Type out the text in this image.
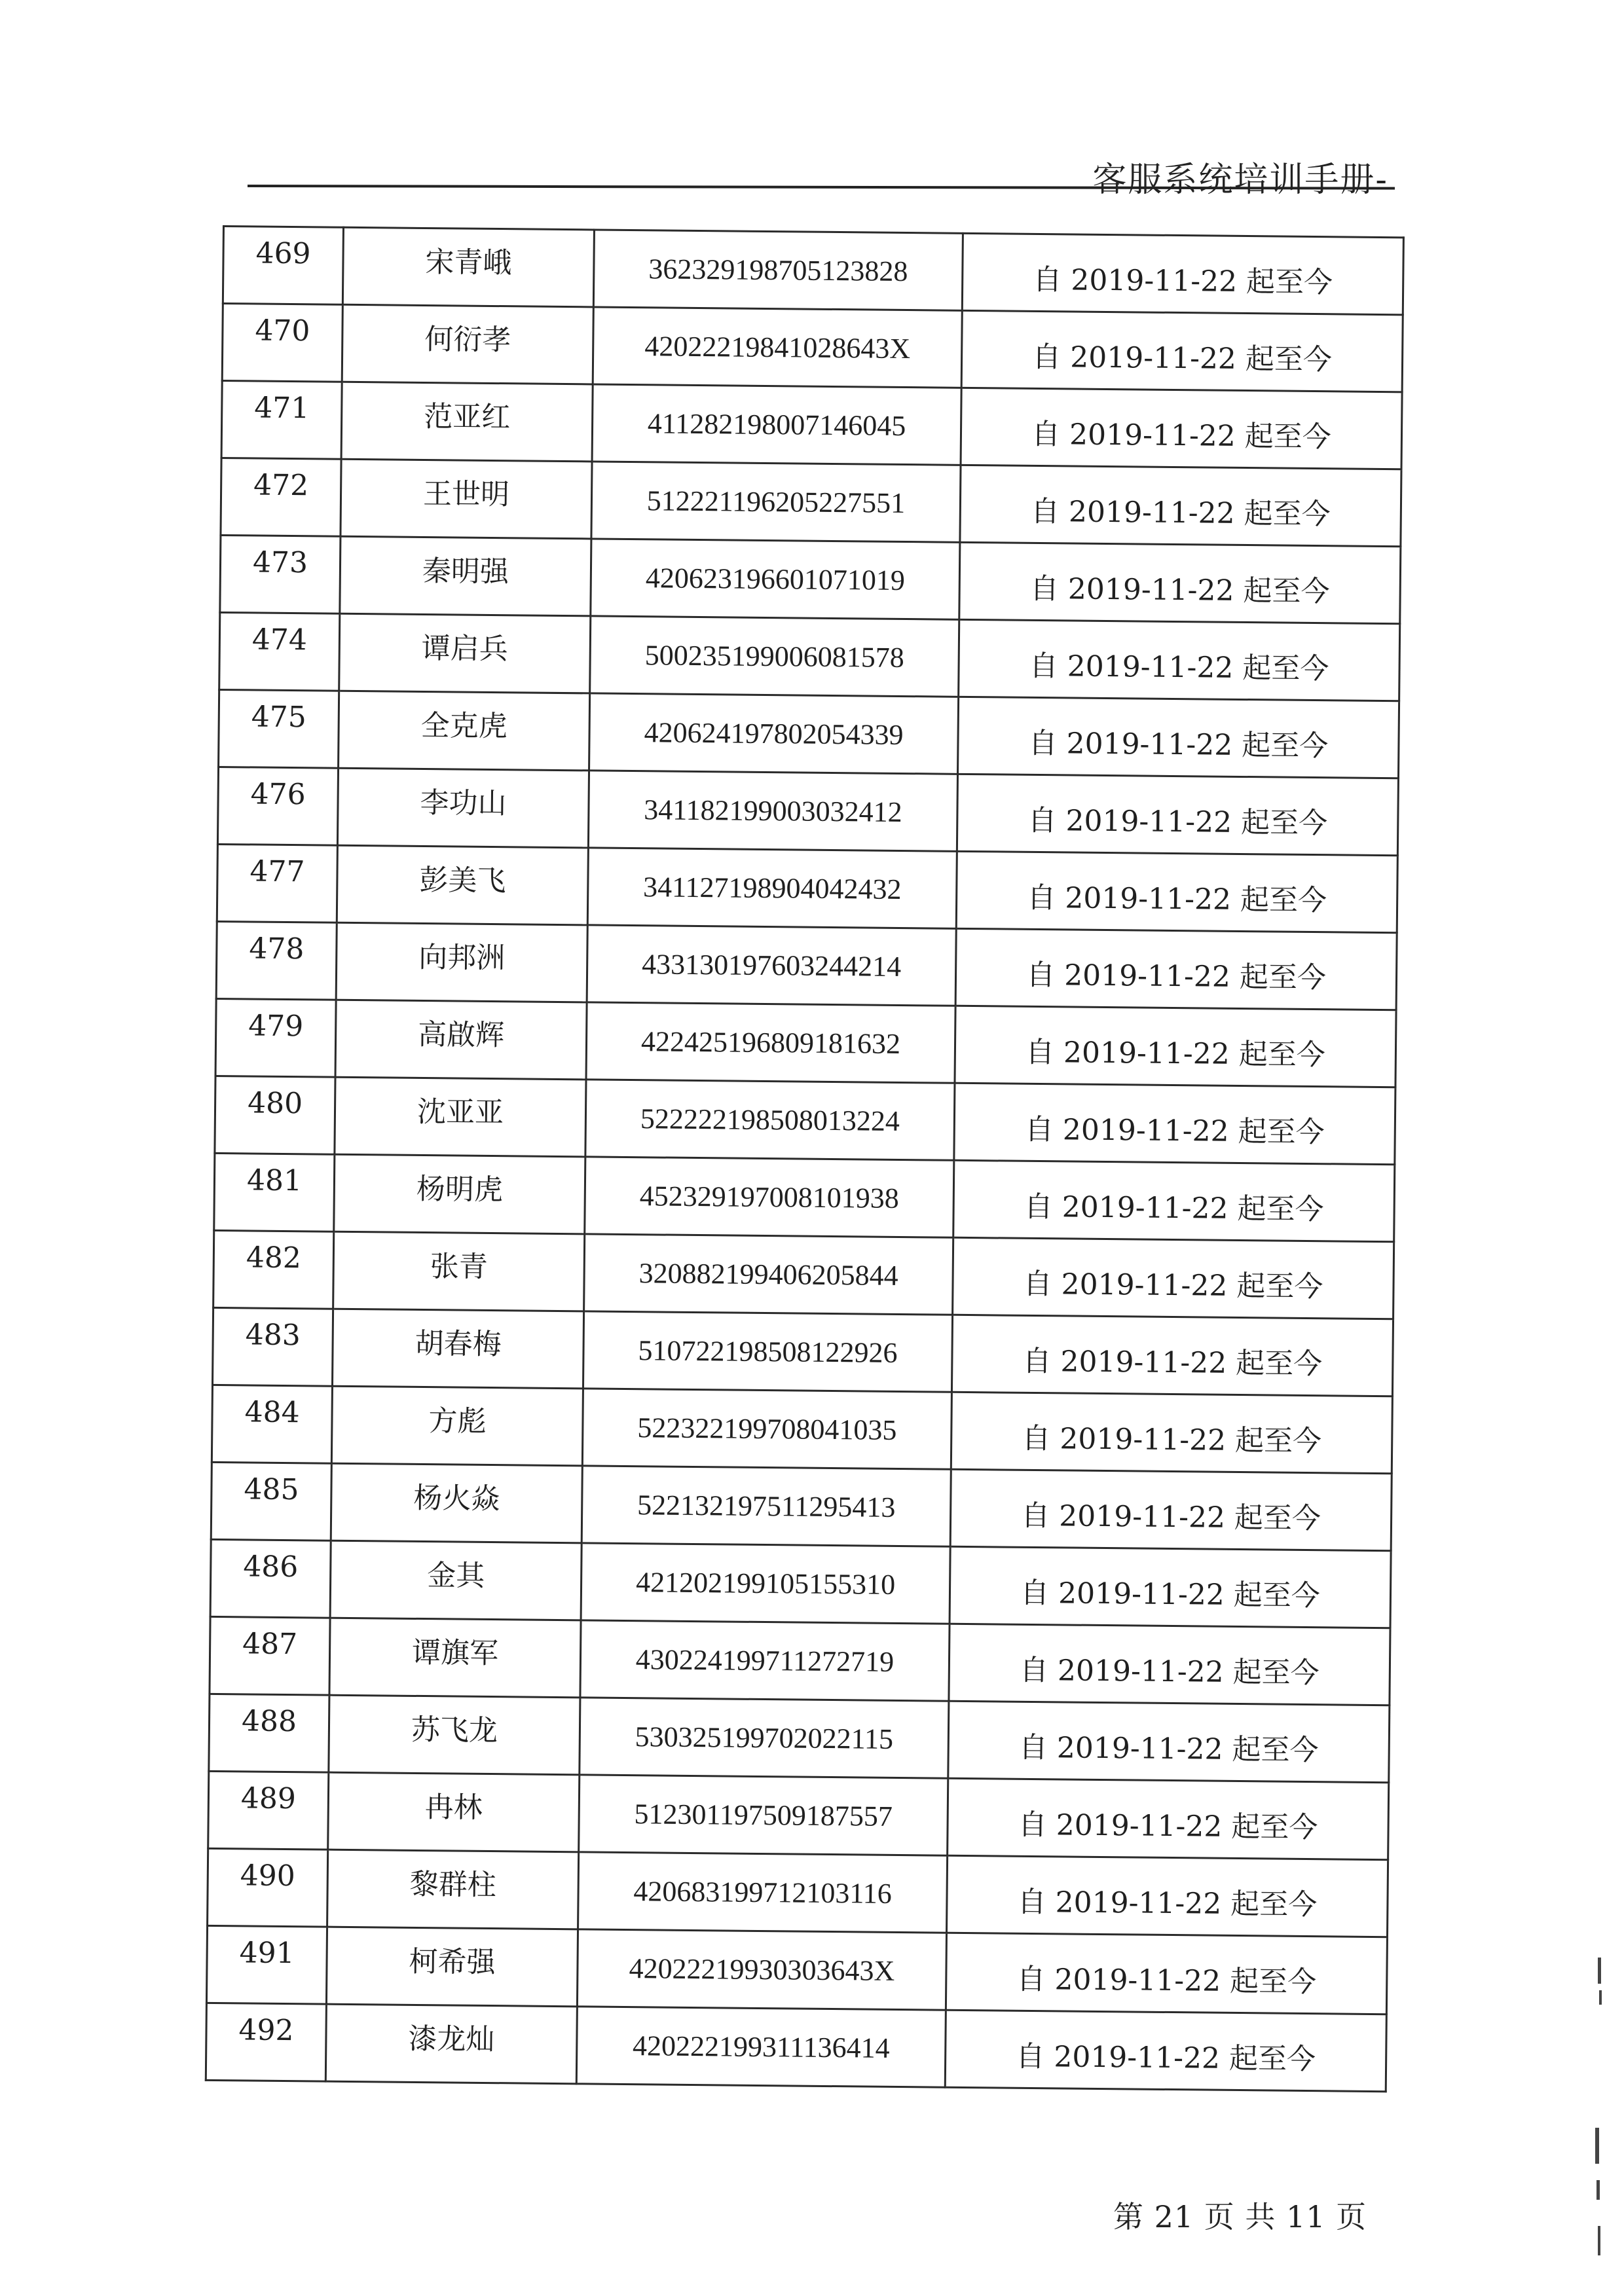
客服系统培训手册-
469	宋青峨	362329198705123828	自 2019-11-22 起至今
470	何衍孝	42022219841028643X	自 2019-11-22 起至今
471	范亚红	411282198007146045	自 2019-11-22 起至今
472	王世明	512221196205227551	自 2019-11-22 起至今
473	秦明强	420623196601071019	自 2019-11-22 起至今
474	谭启兵	500235199006081578	自 2019-11-22 起至今
475	全克虎	420624197802054339	自 2019-11-22 起至今
476	李功山	341182199003032412	自 2019-11-22 起至今
477	彭美飞	341127198904042432	自 2019-11-22 起至今
478	向邦洲	433130197603244214	自 2019-11-22 起至今
479	高啟辉	422425196809181632	自 2019-11-22 起至今
480	沈亚亚	522222198508013224	自 2019-11-22 起至今
481	杨明虎	452329197008101938	自 2019-11-22 起至今
482	张青	320882199406205844	自 2019-11-22 起至今
483	胡春梅	510722198508122926	自 2019-11-22 起至今
484	方彪	522322199708041035	自 2019-11-22 起至今
485	杨火焱	522132197511295413	自 2019-11-22 起至今
486	金其	421202199105155310	自 2019-11-22 起至今
487	谭旗军	430224199711272719	自 2019-11-22 起至今
488	苏飞龙	530325199702022115	自 2019-11-22 起至今
489	冉林	512301197509187557	自 2019-11-22 起至今
490	黎群柱	420683199712103116	自 2019-11-22 起至今
491	柯希强	42022219930303643X	自 2019-11-22 起至今
492	漆龙灿	420222199311136414	自 2019-11-22 起至今
第 21 页 共 11 页
